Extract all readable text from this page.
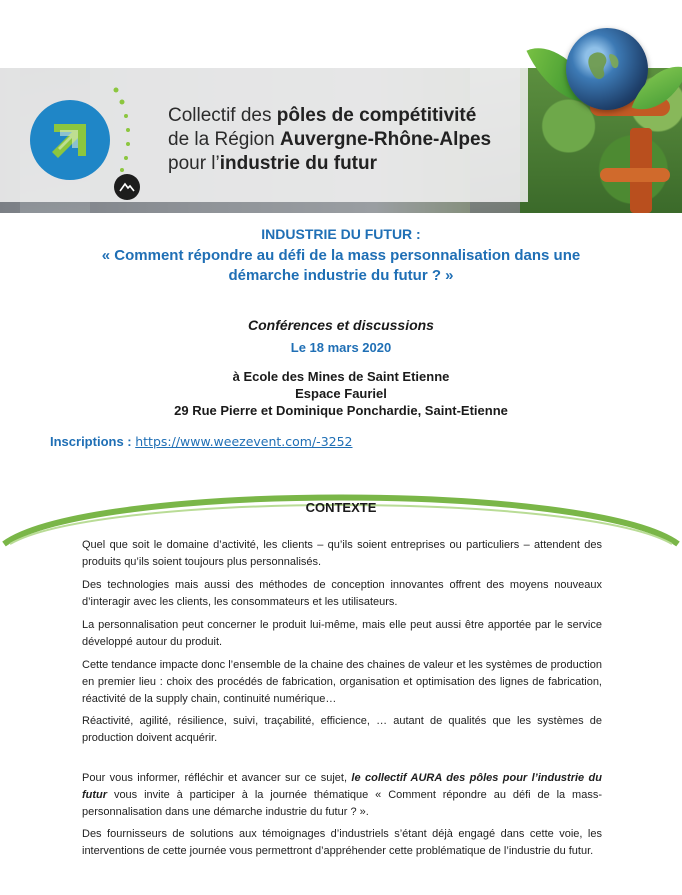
Collectif des pôles de compétitivité
de la Région Auvergne-Rhône-Alpes
pour l’industrie du futur
INDUSTRIE DU FUTUR :
« Comment répondre au défi de la mass personnalisation dans une démarche industrie du futur ? »
Conférences et discussions
Le 18 mars 2020
à Ecole des Mines de Saint Etienne
Espace Fauriel
29 Rue Pierre et Dominique Ponchardie, Saint-Etienne
Inscriptions : https://www.weezevent.com/-3252
CONTEXTE

Quel que soit le domaine d’activité, les clients – qu’ils soient entreprises ou particuliers – attendent des produits qu’ils soient toujours plus personnalisés.

Des technologies mais aussi des méthodes de conception innovantes offrent des moyens nouveaux d’interagir avec les clients, les consommateurs et les utilisateurs.

La personnalisation peut concerner le produit lui-même, mais elle peut aussi être apportée par le service développé autour du produit.

Cette tendance impacte donc l’ensemble de la chaine des chaines de valeur et les systèmes de production en premier lieu : choix des procédés de fabrication, organisation et optimisation des lignes de fabrication, réactivité de la supply chain, continuité numérique…

Réactivité, agilité, résilience, suivi, traçabilité, efficience, … autant de qualités que les systèmes de production doivent acquérir.

Pour vous informer, réfléchir et avancer sur ce sujet, le collectif AURA des pôles pour l’industrie du futur vous invite à participer à la journée thématique « Comment répondre au défi de la mass-personnalisation dans une démarche industrie du futur ? ».

Des fournisseurs de solutions aux témoignages d’industriels s’étant déjà engagé dans cette voie, les interventions de cette journée vous permettront d’appréhender cette problématique de l’industrie du futur.
